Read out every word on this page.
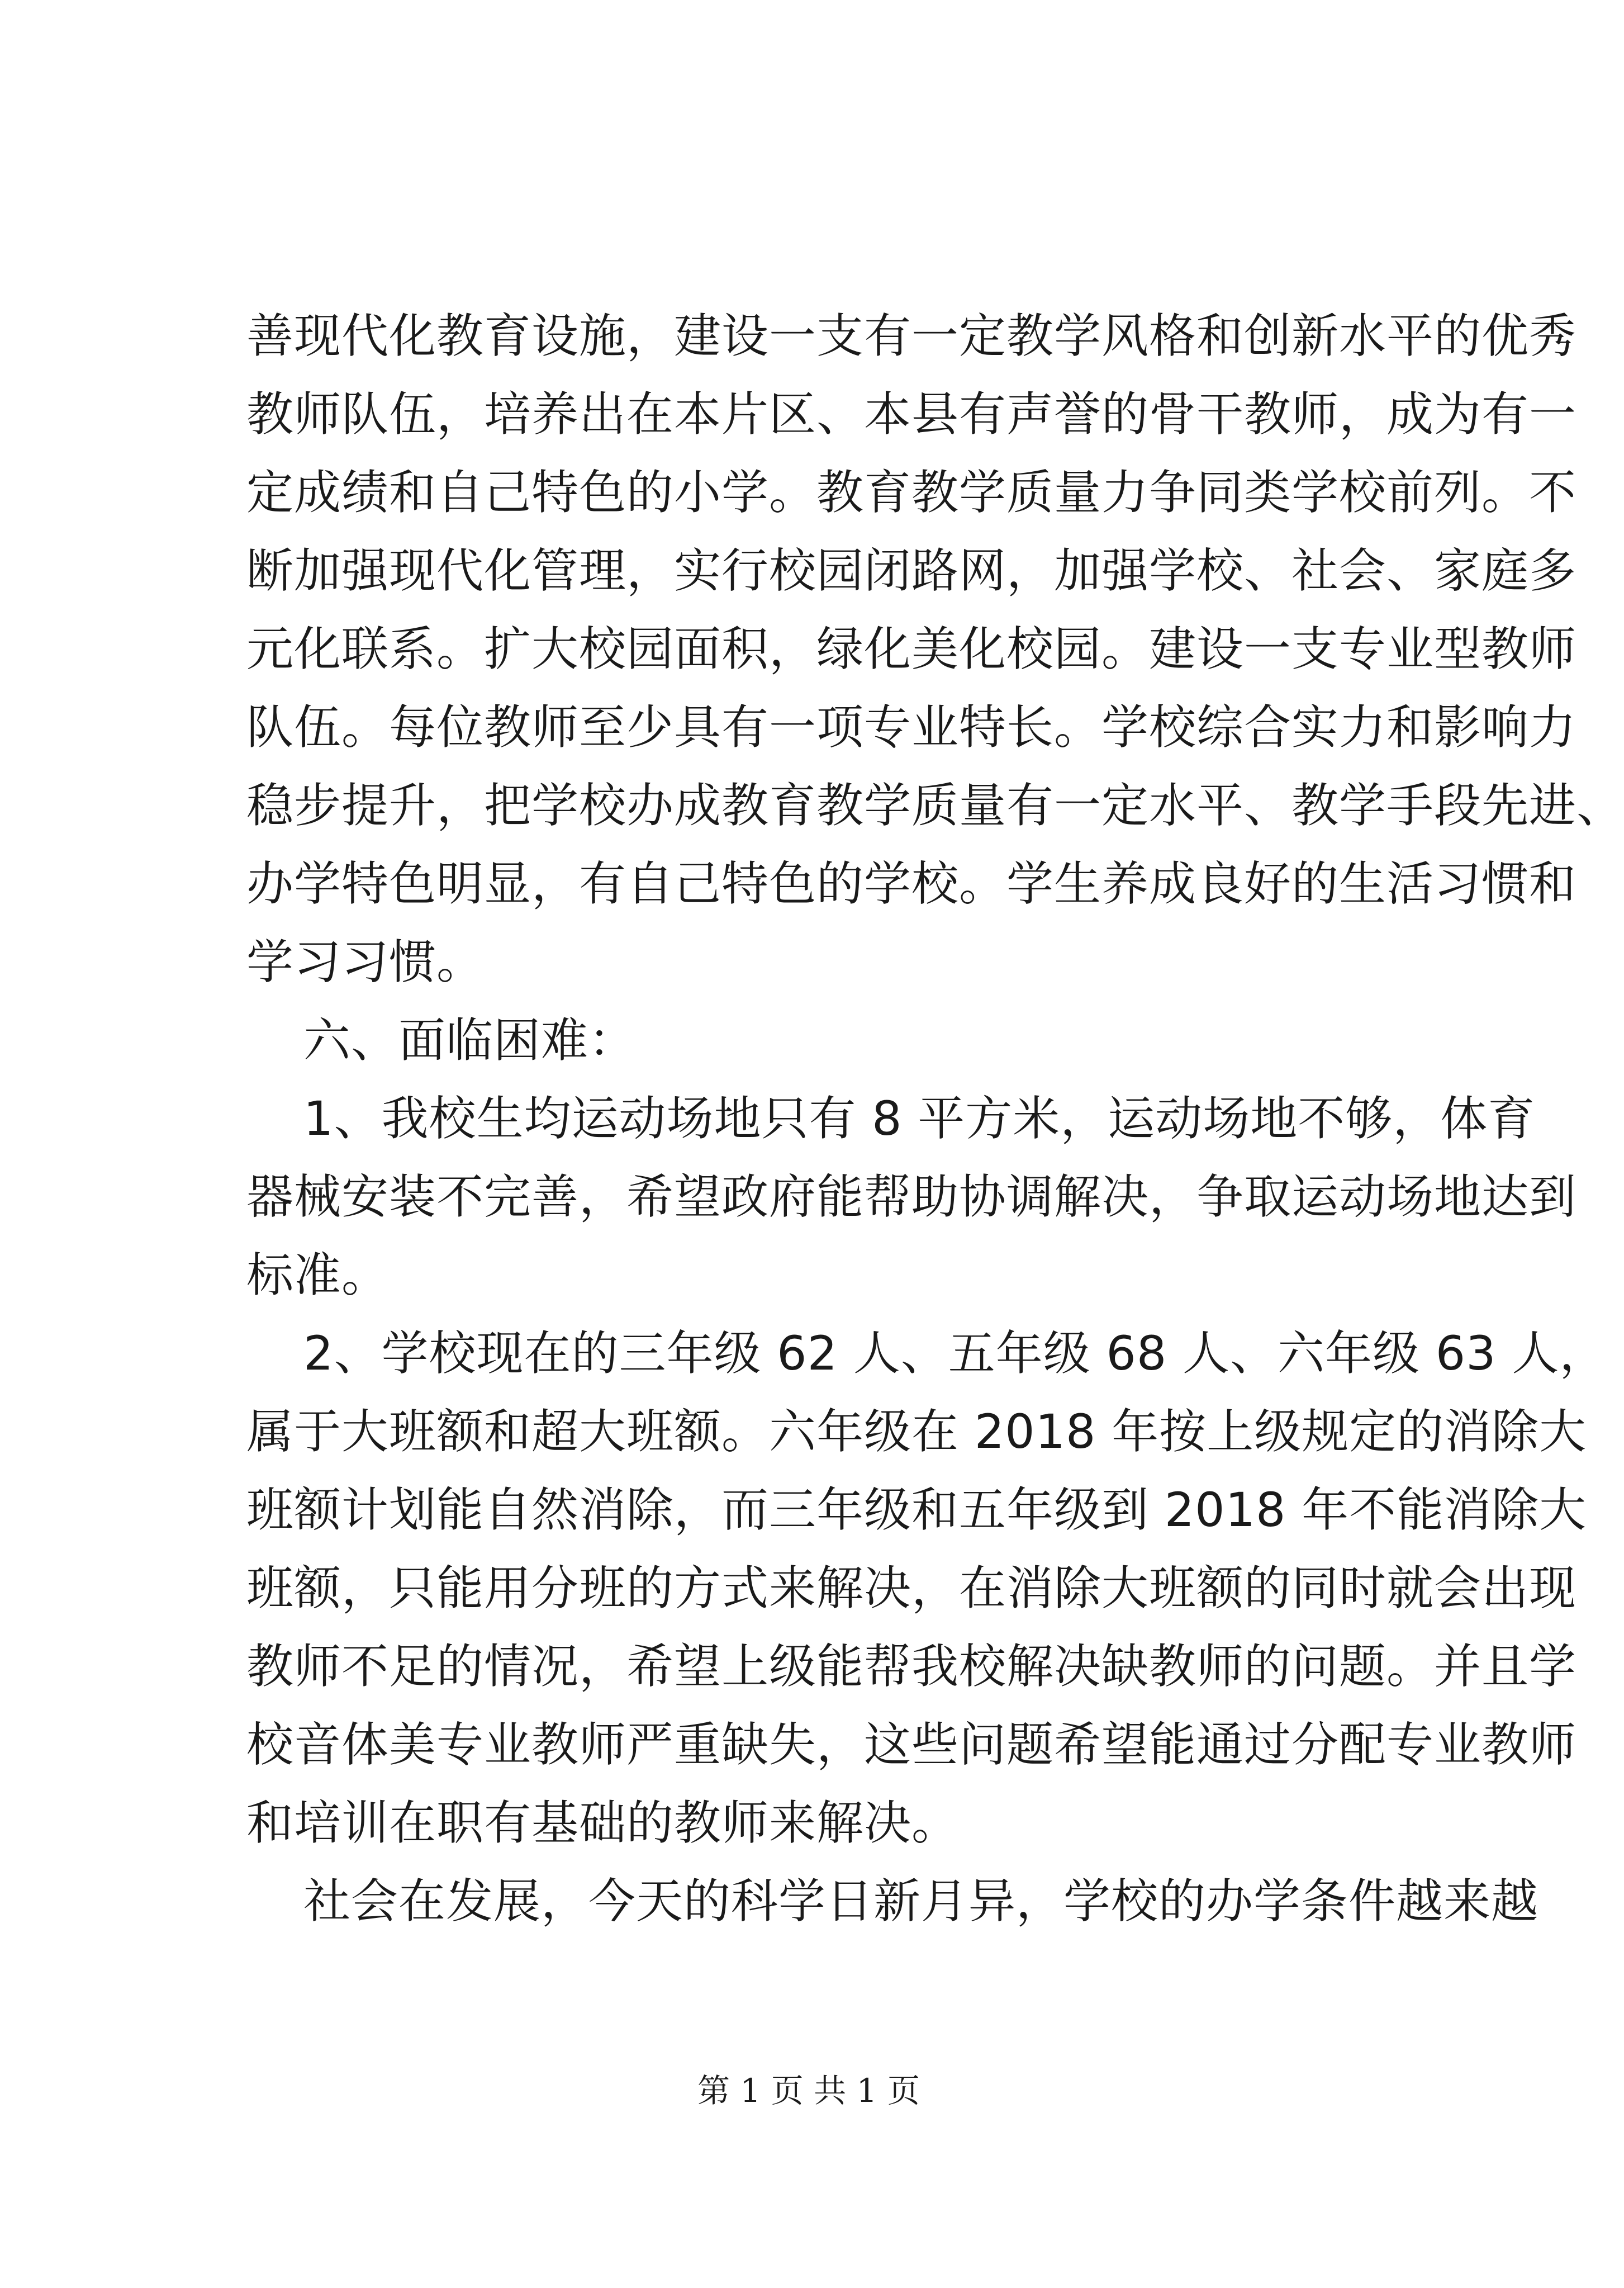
善现代化教育设施，建设一支有一定教学风格和创新水平的优秀
教师队伍，培养出在本片区、本县有声誉的骨干教师，成为有一
定成绩和自己特色的小学。教育教学质量力争同类学校前列。不
断加强现代化管理，实行校园闭路网，加强学校、社会、家庭多
元化联系。扩大校园面积，绿化美化校园。建设一支专业型教师
队伍。每位教师至少具有一项专业特长。学校综合实力和影响力
稳步提升，把学校办成教育教学质量有一定水平、教学手段先进、
办学特色明显，有自己特色的学校。学生养成良好的生活习惯和
学习习惯。
六、面临困难：
1、我校生均运动场地只有 8 平方米，运动场地不够，体育
器械安装不完善，希望政府能帮助协调解决，争取运动场地达到
标准。
2、学校现在的三年级 62 人、五年级 68 人、六年级 63 人，
属于大班额和超大班额。六年级在 2018 年按上级规定的消除大
班额计划能自然消除，而三年级和五年级到 2018 年不能消除大
班额，只能用分班的方式来解决，在消除大班额的同时就会出现
教师不足的情况，希望上级能帮我校解决缺教师的问题。并且学
校音体美专业教师严重缺失，这些问题希望能通过分配专业教师
和培训在职有基础的教师来解决。
社会在发展，今天的科学日新月异，学校的办学条件越来越
第 1 页 共 1 页
